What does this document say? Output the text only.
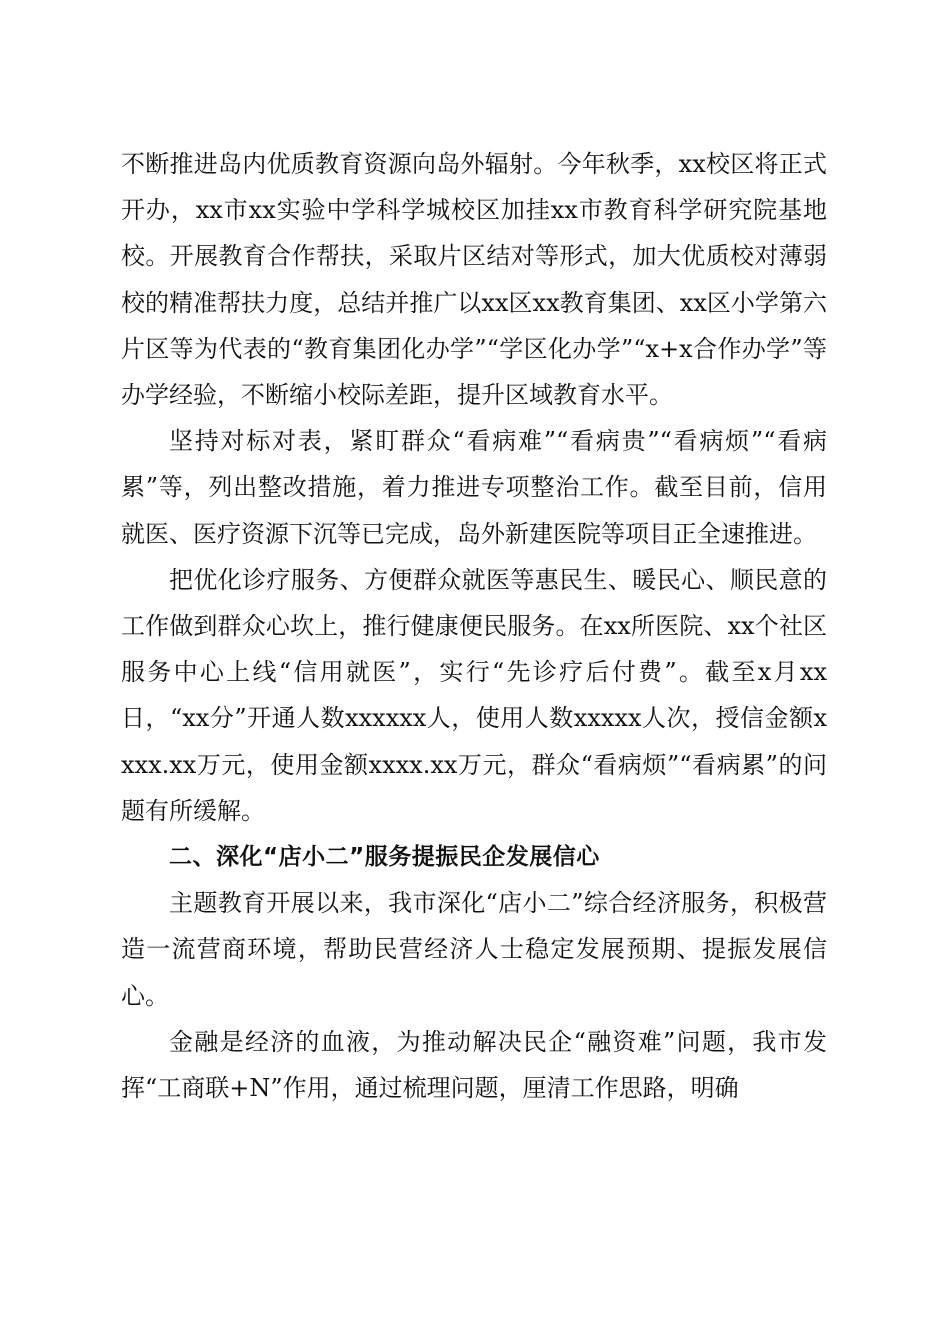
不断推进岛内优质教育资源向岛外辐射。今年秋季，xx校区将正式开办，xx市xx实验中学科学城校区加挂xx市教育科学研究院基地校。开展教育合作帮扶，采取片区结对等形式，加大优质校对薄弱校的精准帮扶力度，总结并推广以xx区xx教育集团、xx区小学第六片区等为代表的“教育集团化办学”“学区化办学”“x+x合作办学”等办学经验，不断缩小校际差距，提升区域教育水平。

坚持对标对表，紧盯群众“看病难”“看病贵”“看病烦”“看病累”等，列出整改措施，着力推进专项整治工作。截至目前，信用就医、医疗资源下沉等已完成，岛外新建医院等项目正全速推进。

把优化诊疗服务、方便群众就医等惠民生、暖民心、顺民意的工作做到群众心坎上，推行健康便民服务。在xx所医院、xx个社区服务中心上线“信用就医”，实行“先诊疗后付费”。截至x月xx日，“xx分”开通人数xxxxxx人，使用人数xxxxx人次，授信金额xxxx.xx万元，使用金额xxxx.xx万元，群众“看病烦”“看病累”的问题有所缓解。

二、深化“店小二”服务提振民企发展信心

主题教育开展以来，我市深化“店小二”综合经济服务，积极营造一流营商环境，帮助民营经济人士稳定发展预期、提振发展信心。

金融是经济的血液，为推动解决民企“融资难”问题，我市发挥“工商联+N”作用，通过梳理问题，厘清工作思路，明确
